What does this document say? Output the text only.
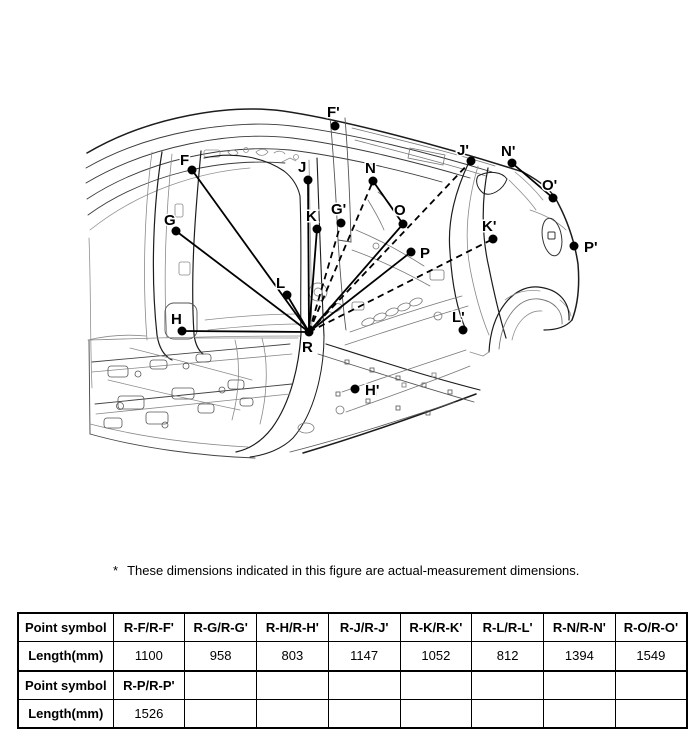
F
F'
G
G'
H
H'
J
J'
K
K'
L
L'
N
N'
O
O'
P	P'
R
* These dimensions indicated in this figure are actual-measurement dimensions.
Point symbol	R-F/R-F'	R-G/R-G'	R-H/R-H'	R-J/R-J'	R-K/R-K'	R-L/R-L'	R-N/R-N'	R-O/R-O'
Length(mm)	1100	958	803	1147	1052	812	1394	1549
Point symbol	R-P/R-P'							
Length(mm)	1526							
